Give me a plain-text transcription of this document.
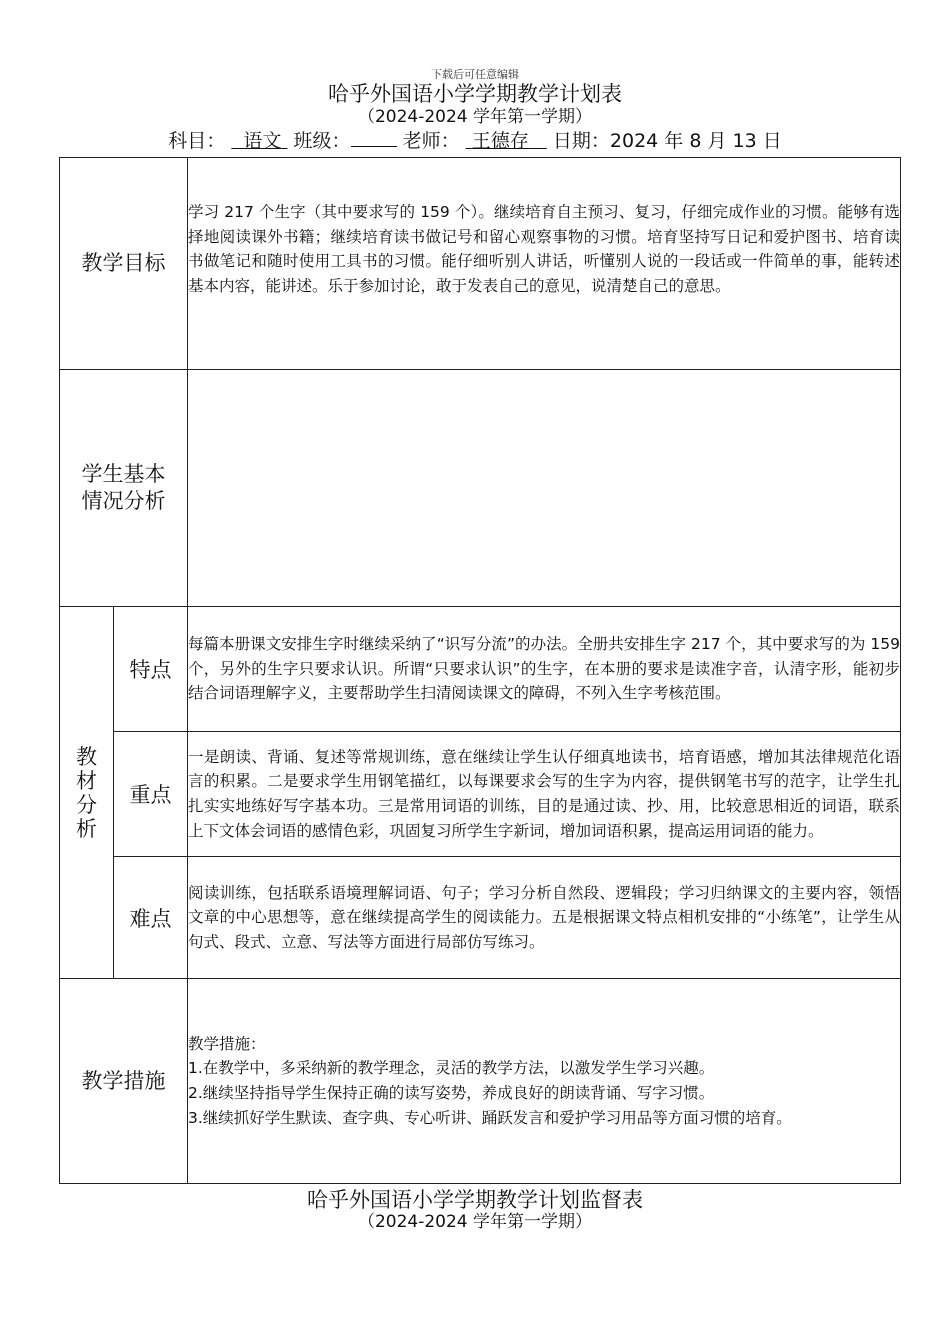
下载后可任意编辑
哈乎外国语小学学期教学计划表
（2024-2024 学年第一学期）
科目： 语文 班级：	老师： 王德存 日期：2024 年 8 月 13 日
教学目标		学习 217 个生字（其中要求写的 159 个）。继续培育自主预习、复习，仔细完成作业的习惯。能够有选择地阅读课外书籍；继续培育读书做记号和留心观察事物的习惯。培育坚持写日记和爱护图书、培育读书做笔记和随时使用工具书的习惯。能仔细听别人讲话，听懂别人说的一段话或一件简单的事，能转述基本内容，能讲述。乐于参加讨论，敢于发表自己的意见，说清楚自己的意思。

学生基本情况分析		

教材分析	特点	每篇本册课文安排生字时继续采纳了“识写分流”的办法。全册共安排生字 217 个，其中要求写的为 159 个，另外的生字只要求认识。所谓“只要求认识”的生字，在本册的要求是读准字音，认清字形，能初步结合词语理解字义，主要帮助学生扫清阅读课文的障碍，不列入生字考核范围。

	重点	一是朗读、背诵、复述等常规训练，意在继续让学生认仔细真地读书，培育语感，增加其法律规范化语言的积累。二是要求学生用钢笔描红，以每课要求会写的生字为内容，提供钢笔书写的范字，让学生扎扎实实地练好写字基本功。三是常用词语的训练，目的是通过读、抄、用，比较意思相近的词语，联系上下文体会词语的感情色彩，巩固复习所学生字新词，增加词语积累，提高运用词语的能力。

	难点	阅读训练，包括联系语境理解词语、句子；学习分析自然段、逻辑段；学习归纳课文的主要内容，领悟文章的中心思想等，意在继续提高学生的阅读能力。五是根据课文特点相机安排的“小练笔”，让学生从句式、段式、立意、写法等方面进行局部仿写练习。

教学措施		教学措施：
1.在教学中，多采纳新的教学理念，灵活的教学方法，以激发学生学习兴趣。
2.继续坚持指导学生保持正确的读写姿势，养成良好的朗读背诵、写字习惯。
3.继续抓好学生默读、查字典、专心听讲、踊跃发言和爱护学习用品等方面习惯的培育。
哈乎外国语小学学期教学计划监督表
（2024-2024 学年第一学期）
